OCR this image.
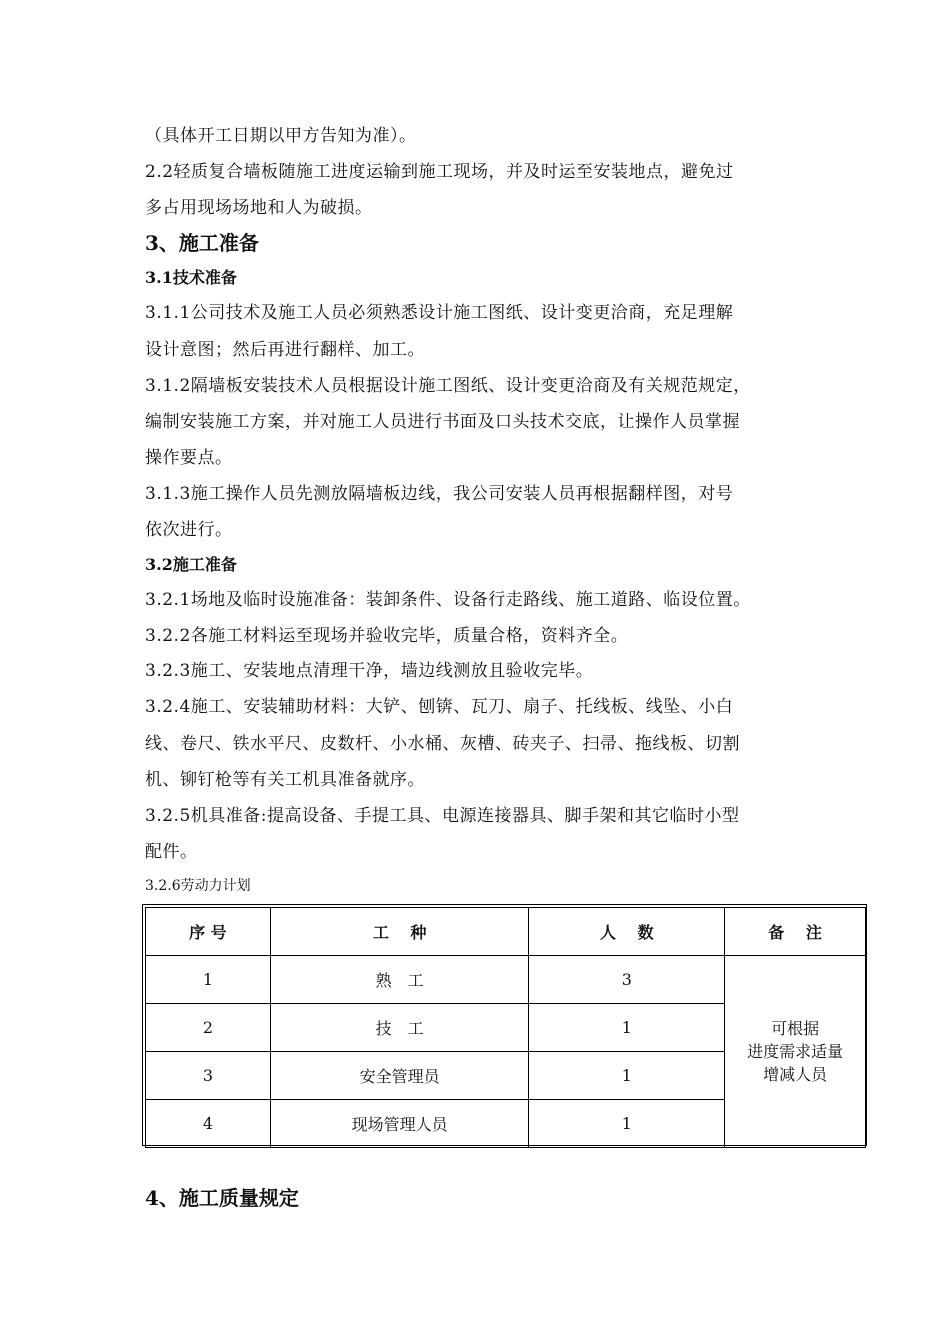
（具体开工日期以甲方告知为准）。
2.2轻质复合墙板随施工进度运输到施工现场，并及时运至安装地点，避免过
多占用现场场地和人为破损。
3、施工准备
3.1技术准备
3.1.1公司技术及施工人员必须熟悉设计施工图纸、设计变更洽商，充足理解
设计意图；然后再进行翻样、加工。
3.1.2隔墙板安装技术人员根据设计施工图纸、设计变更洽商及有关规范规定，
编制安装施工方案，并对施工人员进行书面及口头技术交底，让操作人员掌握
操作要点。
3.1.3施工操作人员先测放隔墙板边线，我公司安装人员再根据翻样图，对号
依次进行。
3.2施工准备
3.2.1场地及临时设施准备：装卸条件、设备行走路线、施工道路、临设位置。
3.2.2各施工材料运至现场并验收完毕，质量合格，资料齐全。
3.2.3施工、安装地点清理干净，墙边线测放且验收完毕。
3.2.4施工、安装辅助材料：大铲、刨锛、瓦刀、扇子、托线板、线坠、小白
线、卷尺、铁水平尺、皮数杆、小水桶、灰槽、砖夹子、扫帚、拖线板、切割
机、铆钉枪等有关工机具准备就序。
3.2.5机具准备:提高设备、手提工具、电源连接器具、脚手架和其它临时小型
配件。
3.2.6劳动力计划
序 号	工　 种	人　 数	备　 注
1	熟　工	3	可根据
进度需求适量
增减人员

2	技　工	1	
3	安全管理员	1	
4	现场管理人员	1	
4、施工质量规定
